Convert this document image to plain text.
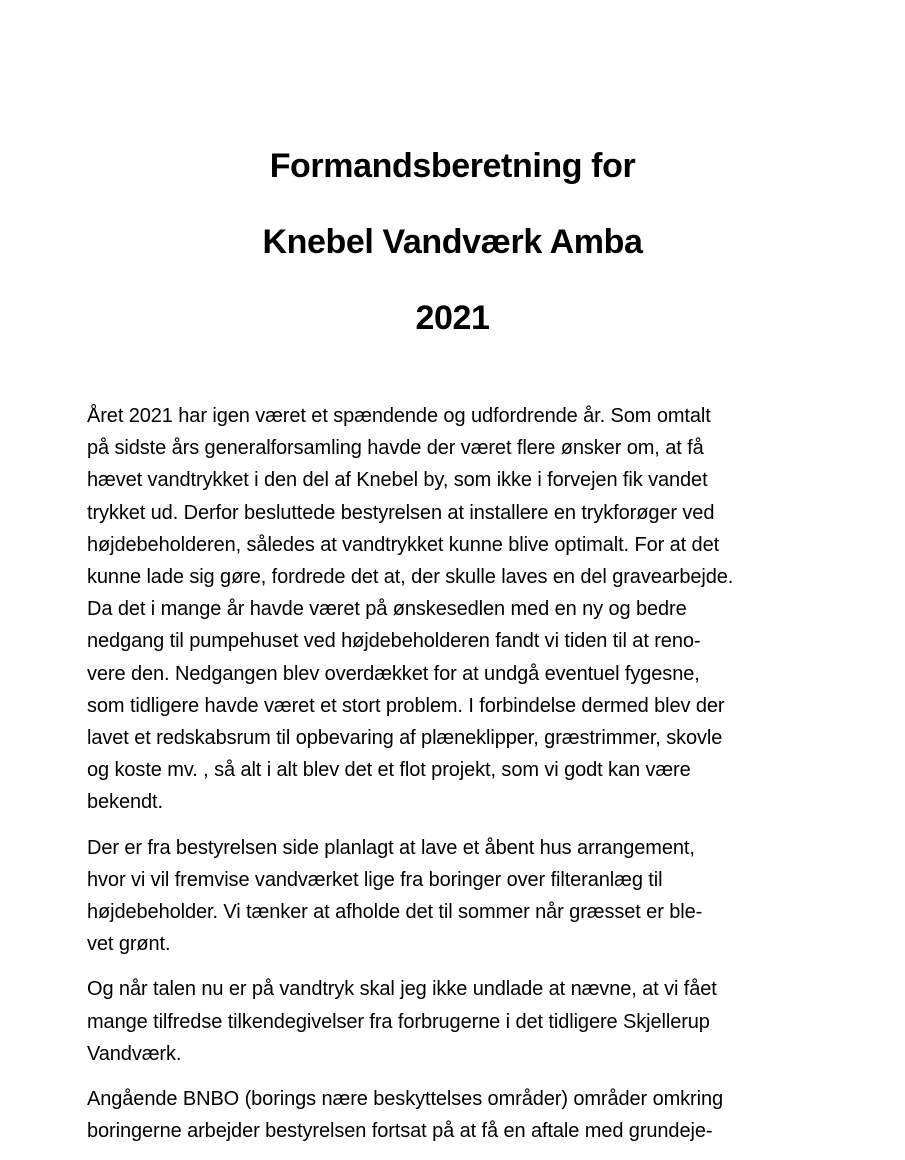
Formandsberetning for
Knebel Vandværk Amba
2021

Året 2021 har igen været et spændende og udfordrende år. Som omtalt
på sidste års generalforsamling havde der været flere ønsker om, at få
hævet vandtrykket i den del af Knebel by, som ikke i forvejen fik vandet
trykket ud. Derfor besluttede bestyrelsen at installere en trykforøger ved
højdebeholderen, således at vandtrykket kunne blive optimalt. For at det
kunne lade sig gøre, fordrede det at, der skulle laves en del gravearbejde.
Da det i mange år havde været på ønskesedlen med en ny og bedre
nedgang til pumpehuset ved højdebeholderen fandt vi tiden til at reno-
vere den. Nedgangen blev overdækket for at undgå eventuel fygesne,
som tidligere havde været et stort problem. I forbindelse dermed blev der
lavet et redskabsrum til opbevaring af plæneklipper, græstrimmer, skovle
og koste mv. , så alt i alt blev det et flot projekt, som vi godt kan være
bekendt.

Der er fra bestyrelsen side planlagt at lave et åbent hus arrangement,
hvor vi vil fremvise vandværket lige fra boringer over filteranlæg til
højdebeholder. Vi tænker at afholde det til sommer når græsset er ble-
vet grønt.

Og når talen nu er på vandtryk skal jeg ikke undlade at nævne, at vi fået
mange tilfredse tilkendegivelser fra forbrugerne i det tidligere Skjellerup
Vandværk.

Angående BNBO (borings nære beskyttelses områder) områder omkring
boringerne arbejder bestyrelsen fortsat på at få en aftale med grundeje-
